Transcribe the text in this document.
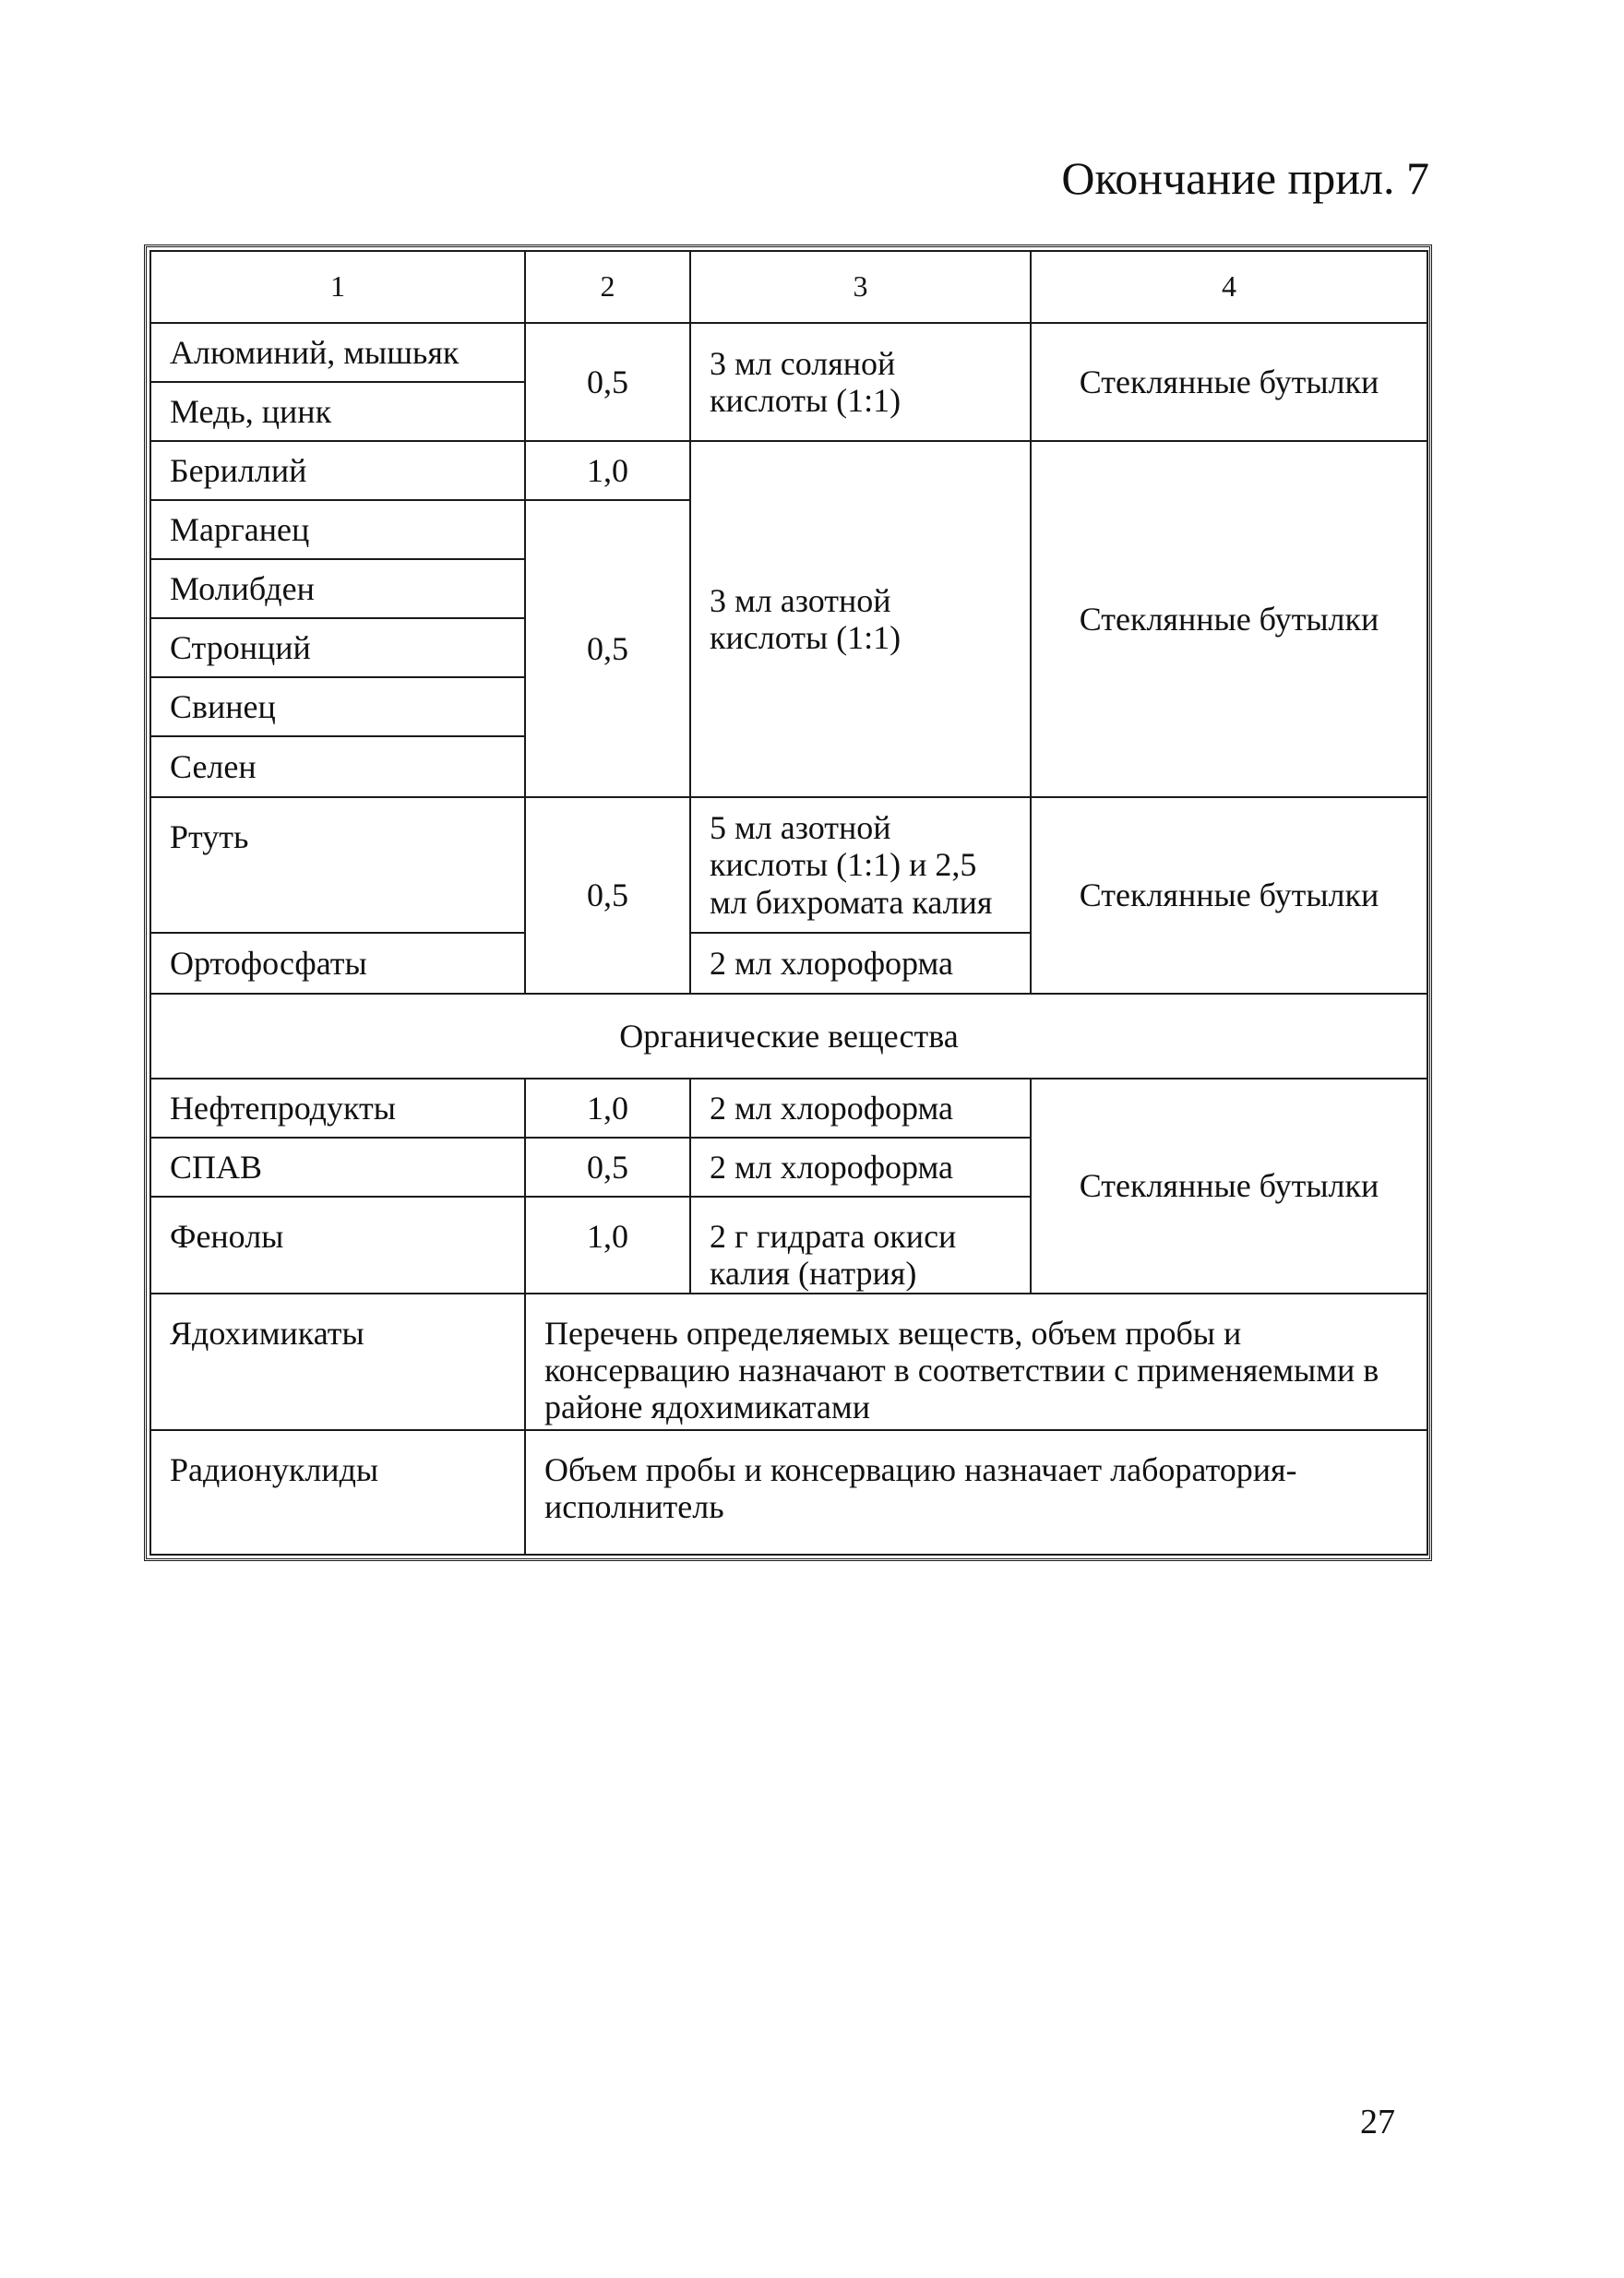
Окончание прил. 7
1	2	3	4
Алюминий, мышьяк	0,5	3 мл соляной кислоты (1:1)	Стеклянные бутылки
Медь, цинк			
Бериллий	1,0	3 мл азотной кислоты (1:1)	Стеклянные бутылки
Марганец	0,5		
Молибден			
Стронций			
Свинец			
Селен			
Ртуть	0,5	5 мл азотной кислоты (1:1) и 2,5 мл бихромата калия	Стеклянные бутылки
Ортофосфаты		2 мл хлороформа	
Органические вещества			
Нефтепродукты	1,0	2 мл хлороформа	Стеклянные бутылки
СПАВ	0,5	2 мл хлороформа	
Фенолы	1,0	2 г гидрата окиси калия (натрия)	
Ядохимикаты	Перечень определяемых веществ, объем пробы и консервацию назначают в соответствии с применяемыми в районе ядохимикатами		
Радионуклиды	Объем пробы и консервацию назначает лаборатория-исполнитель		
27
